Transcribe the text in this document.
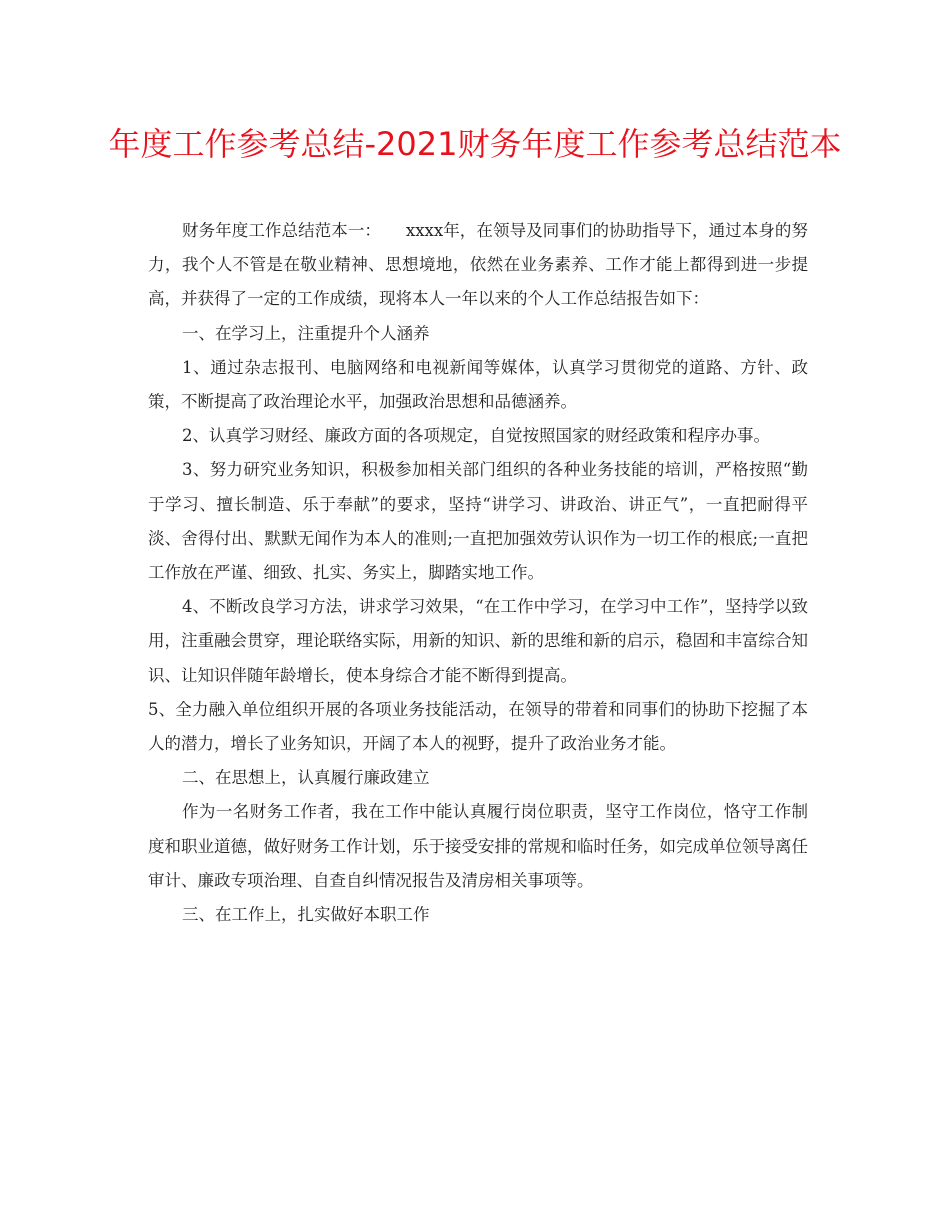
年度工作参考总结-2021财务年度工作参考总结范本

财务年度工作总结范本一：　　xxxx年，在领导及同事们的协助指导下，通过本身的努力，我个人不管是在敬业精神、思想境地，依然在业务素养、工作才能上都得到进一步提高，并获得了一定的工作成绩，现将本人一年以来的个人工作总结报告如下：

一、在学习上，注重提升个人涵养

1、通过杂志报刊、电脑网络和电视新闻等媒体，认真学习贯彻党的道路、方针、政策，不断提高了政治理论水平，加强政治思想和品德涵养。

2、认真学习财经、廉政方面的各项规定，自觉按照国家的财经政策和程序办事。

3、努力研究业务知识，积极参加相关部门组织的各种业务技能的培训，严格按照“勤于学习、擅长制造、乐于奉献”的要求，坚持“讲学习、讲政治、讲正气”，一直把耐得平淡、舍得付出、默默无闻作为本人的准则;一直把加强效劳认识作为一切工作的根底;一直把工作放在严谨、细致、扎实、务实上，脚踏实地工作。

4、不断改良学习方法，讲求学习效果，“在工作中学习，在学习中工作”，坚持学以致用，注重融会贯穿，理论联络实际，用新的知识、新的思维和新的启示，稳固和丰富综合知识、让知识伴随年龄增长，使本身综合才能不断得到提高。

5、全力融入单位组织开展的各项业务技能活动，在领导的带着和同事们的协助下挖掘了本人的潜力，增长了业务知识，开阔了本人的视野，提升了政治业务才能。

二、在思想上，认真履行廉政建立

作为一名财务工作者，我在工作中能认真履行岗位职责，坚守工作岗位，恪守工作制度和职业道德，做好财务工作计划，乐于接受安排的常规和临时任务，如完成单位领导离任审计、廉政专项治理、自查自纠情况报告及清房相关事项等。

三、在工作上，扎实做好本职工作
